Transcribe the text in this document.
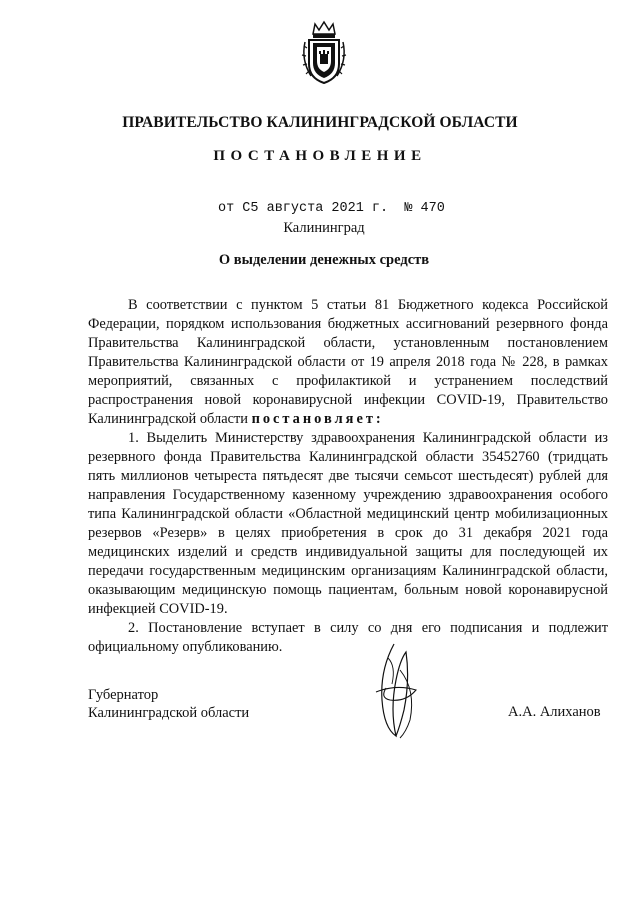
ПРАВИТЕЛЬСТВО КАЛИНИНГРАДСКОЙ ОБЛАСТИ
ПОСТАНОВЛЕНИЕ
от С5 августа 2021 г.  № 470
Калининград
О выделении денежных средств

В соответствии с пунктом 5 статьи 81 Бюджетного кодекса Российской Федерации, порядком использования бюджетных ассигнований резервного фонда Правительства Калининградской области, установленным постановлением Правительства Калининградской области от 19 апреля 2018 года № 228, в рамках мероприятий, связанных с профилактикой и устранением последствий распространения новой коронавирусной инфекции COVID-19, Правительство Калининградской области постановляет:

1. Выделить Министерству здравоохранения Калининградской области из резервного фонда Правительства Калининградской области 35452760 (тридцать пять миллионов четыреста пятьдесят две тысячи семьсот шестьдесят) рублей для направления Государственному казенному учреждению здравоохранения особого типа Калининградской области «Областной медицинский центр мобилизационных резервов «Резерв» в целях приобретения в срок до 31 декабря 2021 года медицинских изделий и средств индивидуальной защиты для последующей их передачи государственным медицинским организациям Калининградской области, оказывающим медицинскую помощь пациентам, больным новой коронавирусной инфекцией COVID-19.

2. Постановление вступает в силу со дня его подписания и подлежит официальному опубликованию.

Губернатор
Калининградской области	А.А. Алиханов
